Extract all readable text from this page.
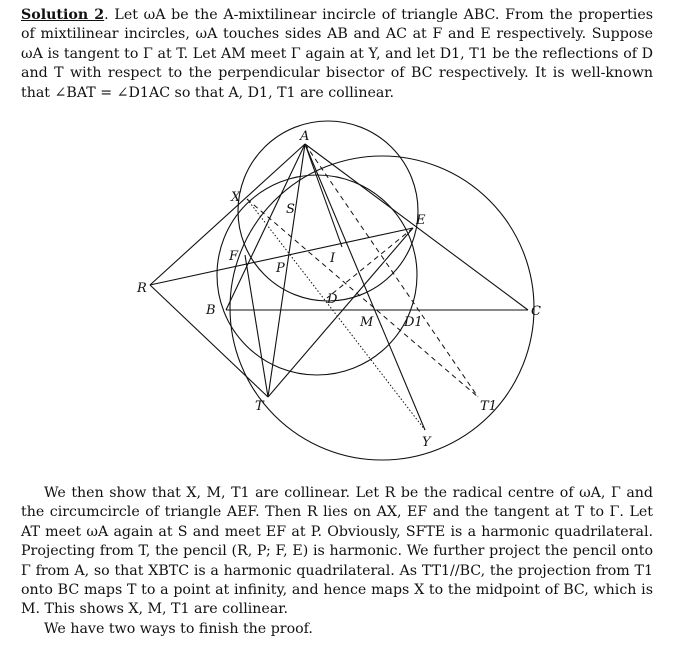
Solution 2. Let ωA be the A-mixtilinear incircle of triangle ABC. From the properties of mixtilinear incircles, ωA touches sides AB and AC at F and E respectively. Suppose ωA is tangent to Γ at T. Let AM meet Γ again at Y, and let D1, T1 be the reflections of D and T with respect to the perpendicular bisector of BC respectively. It is well-known that ∠BAT = ∠D1AC so that A, D1, T1 are collinear.

A
X
S
E
F
P
I
R
B
D
M D1
C
T	T1
Y

We then show that X, M, T1 are collinear. Let R be the radical centre of ωA, Γ and the circumcircle of triangle AEF. Then R lies on AX, EF and the tangent at T to Γ. Let AT meet ωA again at S and meet EF at P. Obviously, SFTE is a harmonic quadrilateral. Projecting from T, the pencil (R, P; F, E) is harmonic. We further project the pencil onto Γ from A, so that XBTC is a harmonic quadrilateral. As TT1//BC, the projection from T1 onto BC maps T to a point at infinity, and hence maps X to the midpoint of BC, which is M. This shows X, M, T1 are collinear.

We have two ways to finish the proof.
